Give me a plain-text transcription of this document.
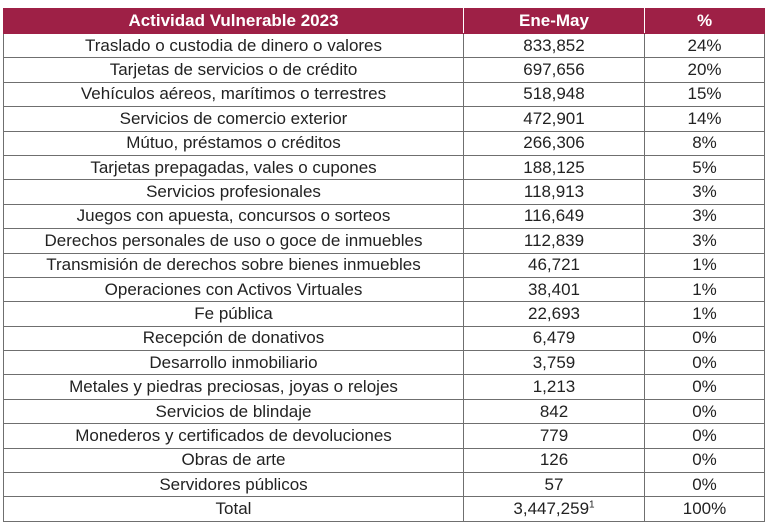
Actividad Vulnerable 2023	Ene-May	%
Traslado o custodia de dinero o valores	833,852	24%
Tarjetas de servicios o de crédito	697,656	20%
Vehículos aéreos, marítimos o terrestres	518,948	15%
Servicios de comercio exterior	472,901	14%
Mútuo, préstamos o créditos	266,306	8%
Tarjetas prepagadas, vales o cupones	188,125	5%
Servicios profesionales	118,913	3%
Juegos con apuesta, concursos o sorteos	116,649	3%
Derechos personales de uso o goce de inmuebles	112,839	3%
Transmisión de derechos sobre bienes inmuebles	46,721	1%
Operaciones con Activos Virtuales	38,401	1%
Fe pública	22,693	1%
Recepción de donativos	6,479	0%
Desarrollo inmobiliario	3,759	0%
Metales y piedras preciosas, joyas o relojes	1,213	0%
Servicios de blindaje	842	0%
Monederos y certificados de devoluciones	779	0%
Obras de arte	126	0%
Servidores públicos	57	0%
Total	3,447,259$^1$	100%
